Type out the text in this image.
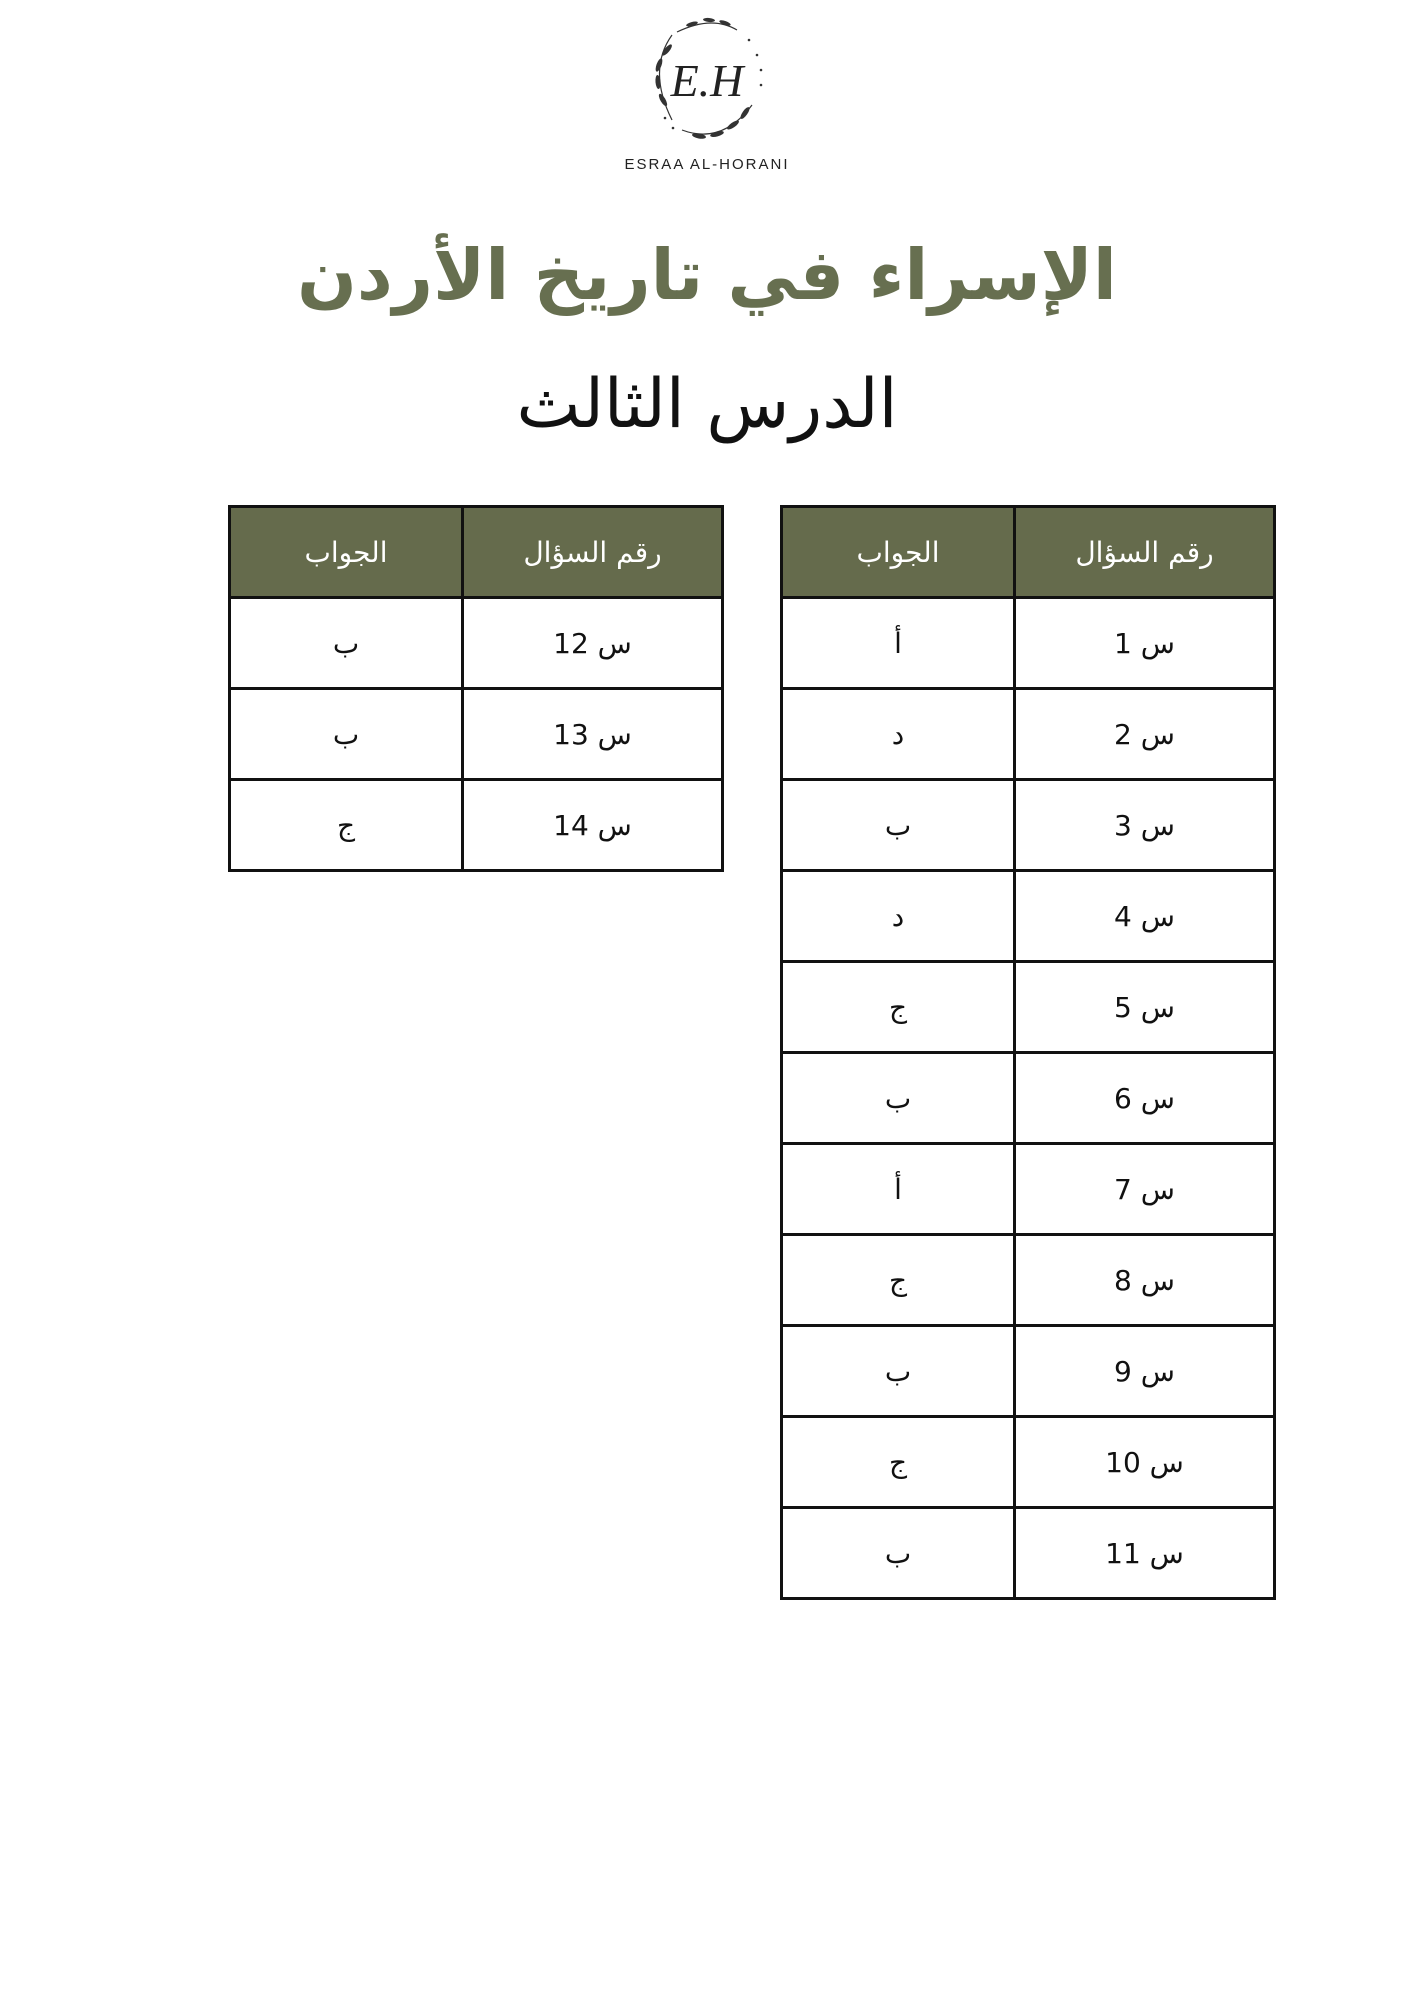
E.H
ESRAA AL-HORANI
الإسراء في تاريخ الأردن
الدرس الثالث
رقم السؤال	الجواب
س 1	أ
س 2	د
س 3	ب
س 4	د
س 5	ج
س 6	ب
س 7	أ
س 8	ج
س 9	ب
س 10	ج
س 11	ب
رقم السؤال	الجواب
س 12	ب
س 13	ب
س 14	ج
